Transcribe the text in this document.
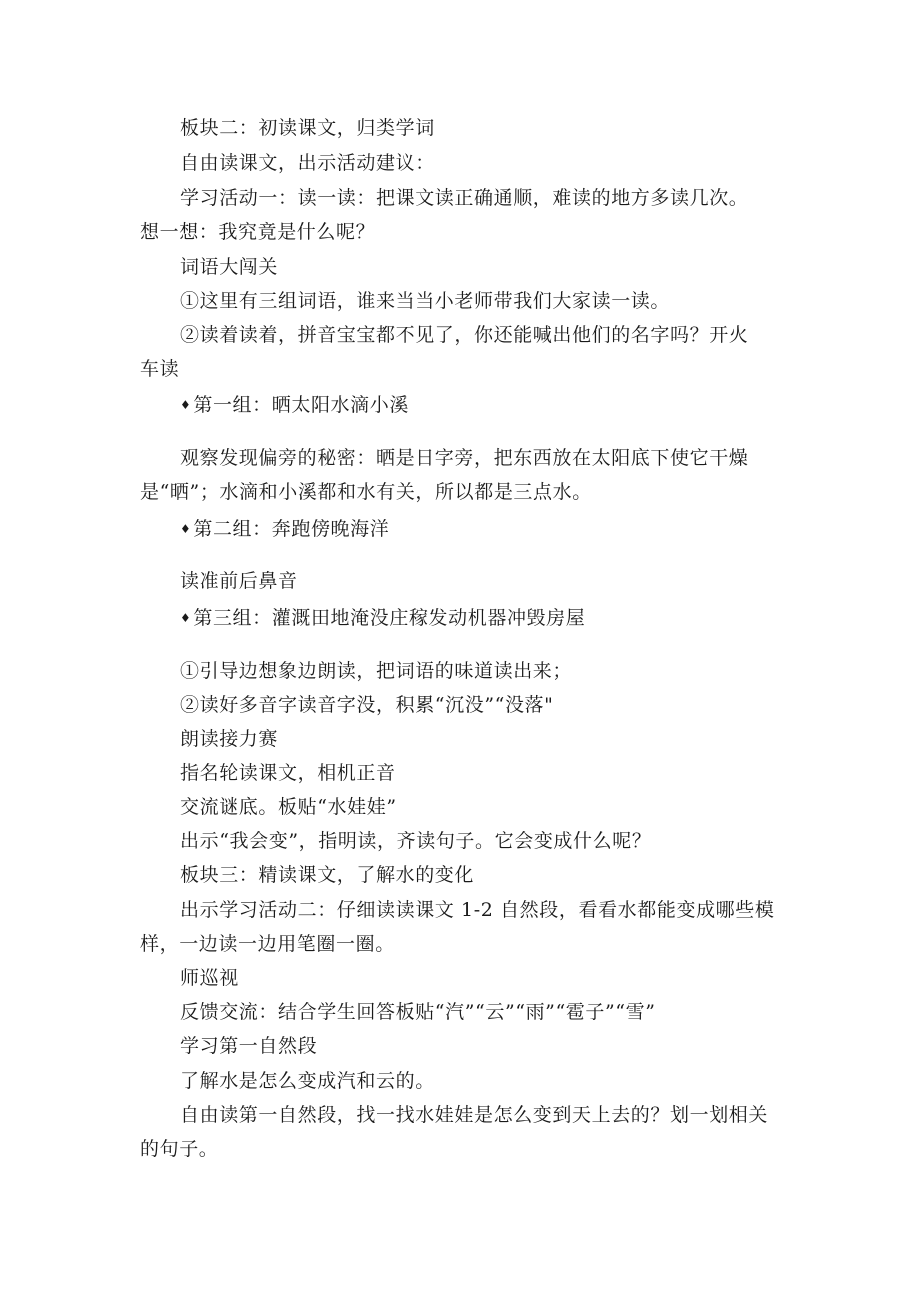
板块二：初读课文，归类学词
自由读课文，出示活动建议：
学习活动一：读一读：把课文读正确通顺，难读的地方多读几次。
想一想：我究竟是什么呢？
词语大闯关
①这里有三组词语，谁来当当小老师带我们大家读一读。
②读着读着，拼音宝宝都不见了，你还能喊出他们的名字吗？开火
车读
♦ 第一组：晒太阳水滴小溪
观察发现偏旁的秘密：晒是日字旁，把东西放在太阳底下使它干燥
是“晒”；水滴和小溪都和水有关，所以都是三点水。
♦ 第二组：奔跑傍晚海洋
读准前后鼻音
♦ 第三组：灌溉田地淹没庄稼发动机器冲毁房屋
①引导边想象边朗读，把词语的味道读出来；
②读好多音字读音字没，积累“沉没”“没落"
朗读接力赛
指名轮读课文，相机正音
交流谜底。板贴“水娃娃”
出示“我会变”，指明读，齐读句子。它会变成什么呢？
板块三：精读课文，了解水的变化
出示学习活动二：仔细读读课文 1-2 自然段，看看水都能变成哪些模
样，一边读一边用笔圈一圈。
师巡视
反馈交流：结合学生回答板贴“汽”“云”“雨”“雹子”“雪”
学习第一自然段
了解水是怎么变成汽和云的。
自由读第一自然段，找一找水娃娃是怎么变到天上去的？划一划相关
的句子。
